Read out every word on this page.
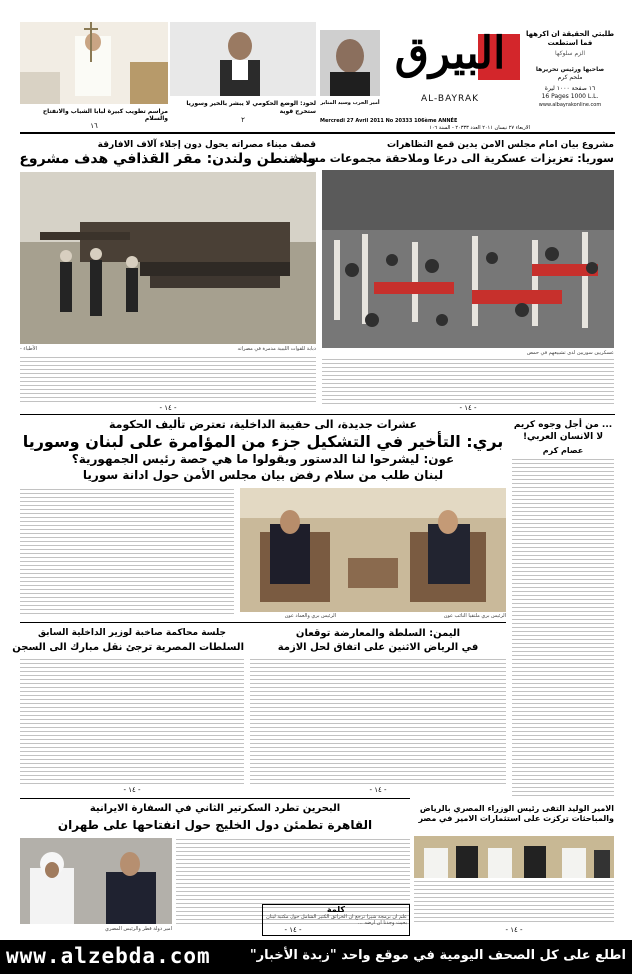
طلبتي الحقيقة ان اكرهها فما استطعت
الزم سلوكها
صاحبها ورئيس تحريرها
ملحم كرم
١٦ صفحة ١٠٠٠ ليرة
16 Pages 1000 L.L.
www.albayrakonline.com
البيرق
AL-BAYRAK
أمير الحرب وسيد المنابر
لحود: الوضع الحكومي لا يبشر بالخير وسوريا ستخرج قوية
٢
مراسم تطويب كبيرة لبابا الشباب والانفتاح والسلام
١٦
Mercredi 27 Avril 2011 No 20333 106ème ANNÉE
الاربعاء ٢٧ نيسان ٢٠١١ العدد ٢٠٣٣٣ - السنة ١٠٦
مشروع بيان امام مجلس الامن يدين قمع التظاهرات
سوريا: تعزيزات عسكرية الى درعا وملاحقة مجموعات مسلحة
عسكريين سوريين لدى تشييعهم في حمص
- ١٤ -
قصف ميناء مصراته يحول دون إجلاء آلاف الافارقة
واشنطن ولندن: مقر القذافي هدف مشروع
دبابة للقوات الليبية مدمرة في مصراته
- الأطباء
- ١٤ -
... من أجل وجوه كريم
لا الانسان العربي!
عصام كرم
عشرات جديدة، الى حقيبة الداخلية، تعترض تأليف الحكومة
بري: التأخير في التشكيل جزء من المؤامرة على لبنان وسوريا
عون: ليشرحوا لنا الدستور ويقولوا ما هي حصة رئيس الجمهورية؟
لبنان طلب من سلام رفض بيان مجلس الأمن حول ادانة سوريا
الرئيس بري ملتقيا النائب عون
الرئيس بري والعماد عون
اليمن: السلطة والمعارضة توقعان
في الرياض الاثنين على اتفاق لحل الازمة
- ١٤ -
جلسة محاكمة صاخبة لوزير الداخلية السابق
السلطات المصرية ترجئ نقل مبارك الى السجن
- ١٤ -
البحرين تطرد السكرتير الثاني في السفارة الايرانية
القاهرة تطمئن دول الخليج حول انفتاحها على طهران
امير دولة قطر والرئيس المصري	- ١٤ -
كلمة
علم ان برمجة شيرا ترجع ان الحرائق الكثير الشامل حول مكتبة لبنان بحيث وجدنا ان ارضه ...
الامير الوليد التقى رئيس الوزراء المصري بالرياض والمباحثات تركزت على استثمارات الامير في مصر
- ١٤ -
www.alzebda.com	اطلع على كل الصحف اليومية في موقع واحد "زبدة الأخبار"
